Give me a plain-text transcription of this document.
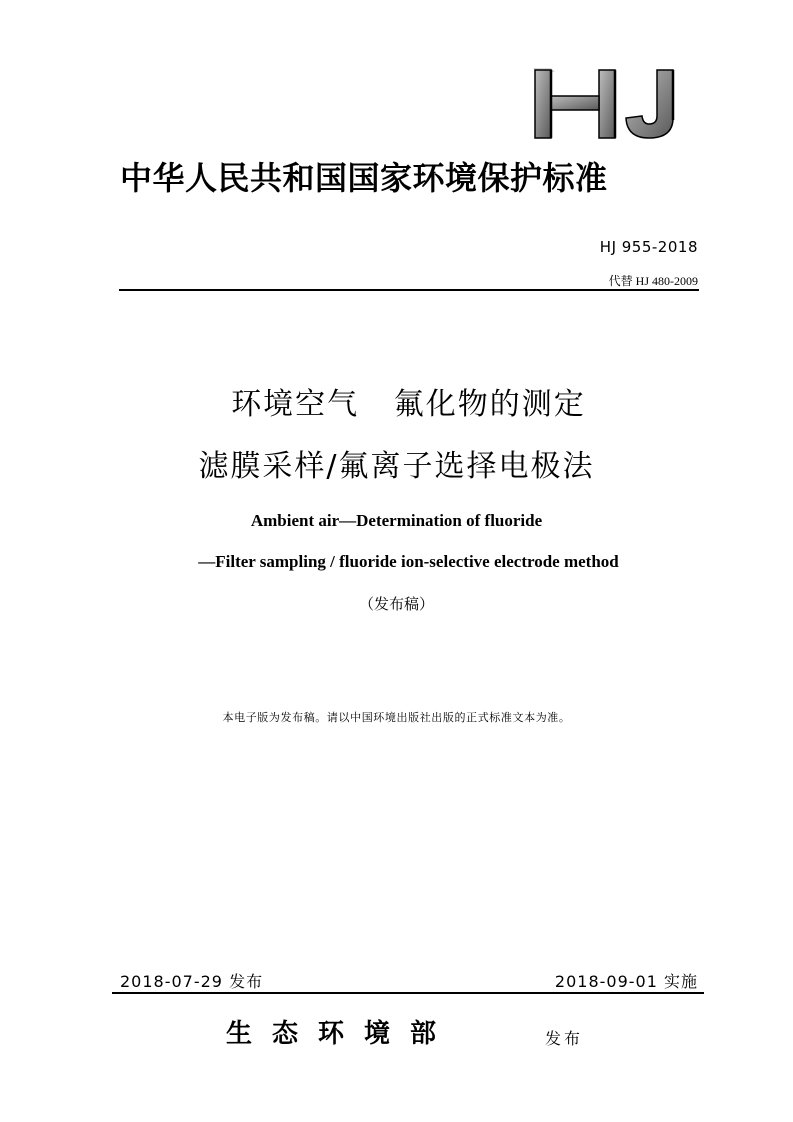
中华人民共和国国家环境保护标准
HJ 955-2018
代替 HJ 480-2009
环境空气   氟化物的测定
滤膜采样/氟离子选择电极法
Ambient air—Determination of fluoride
—Filter sampling / fluoride ion-selective electrode method
（发布稿）
本电子版为发布稿。请以中国环境出版社出版的正式标准文本为准。
2018-07-29 发布	2018-09-01 实施
生态环境部	发布
